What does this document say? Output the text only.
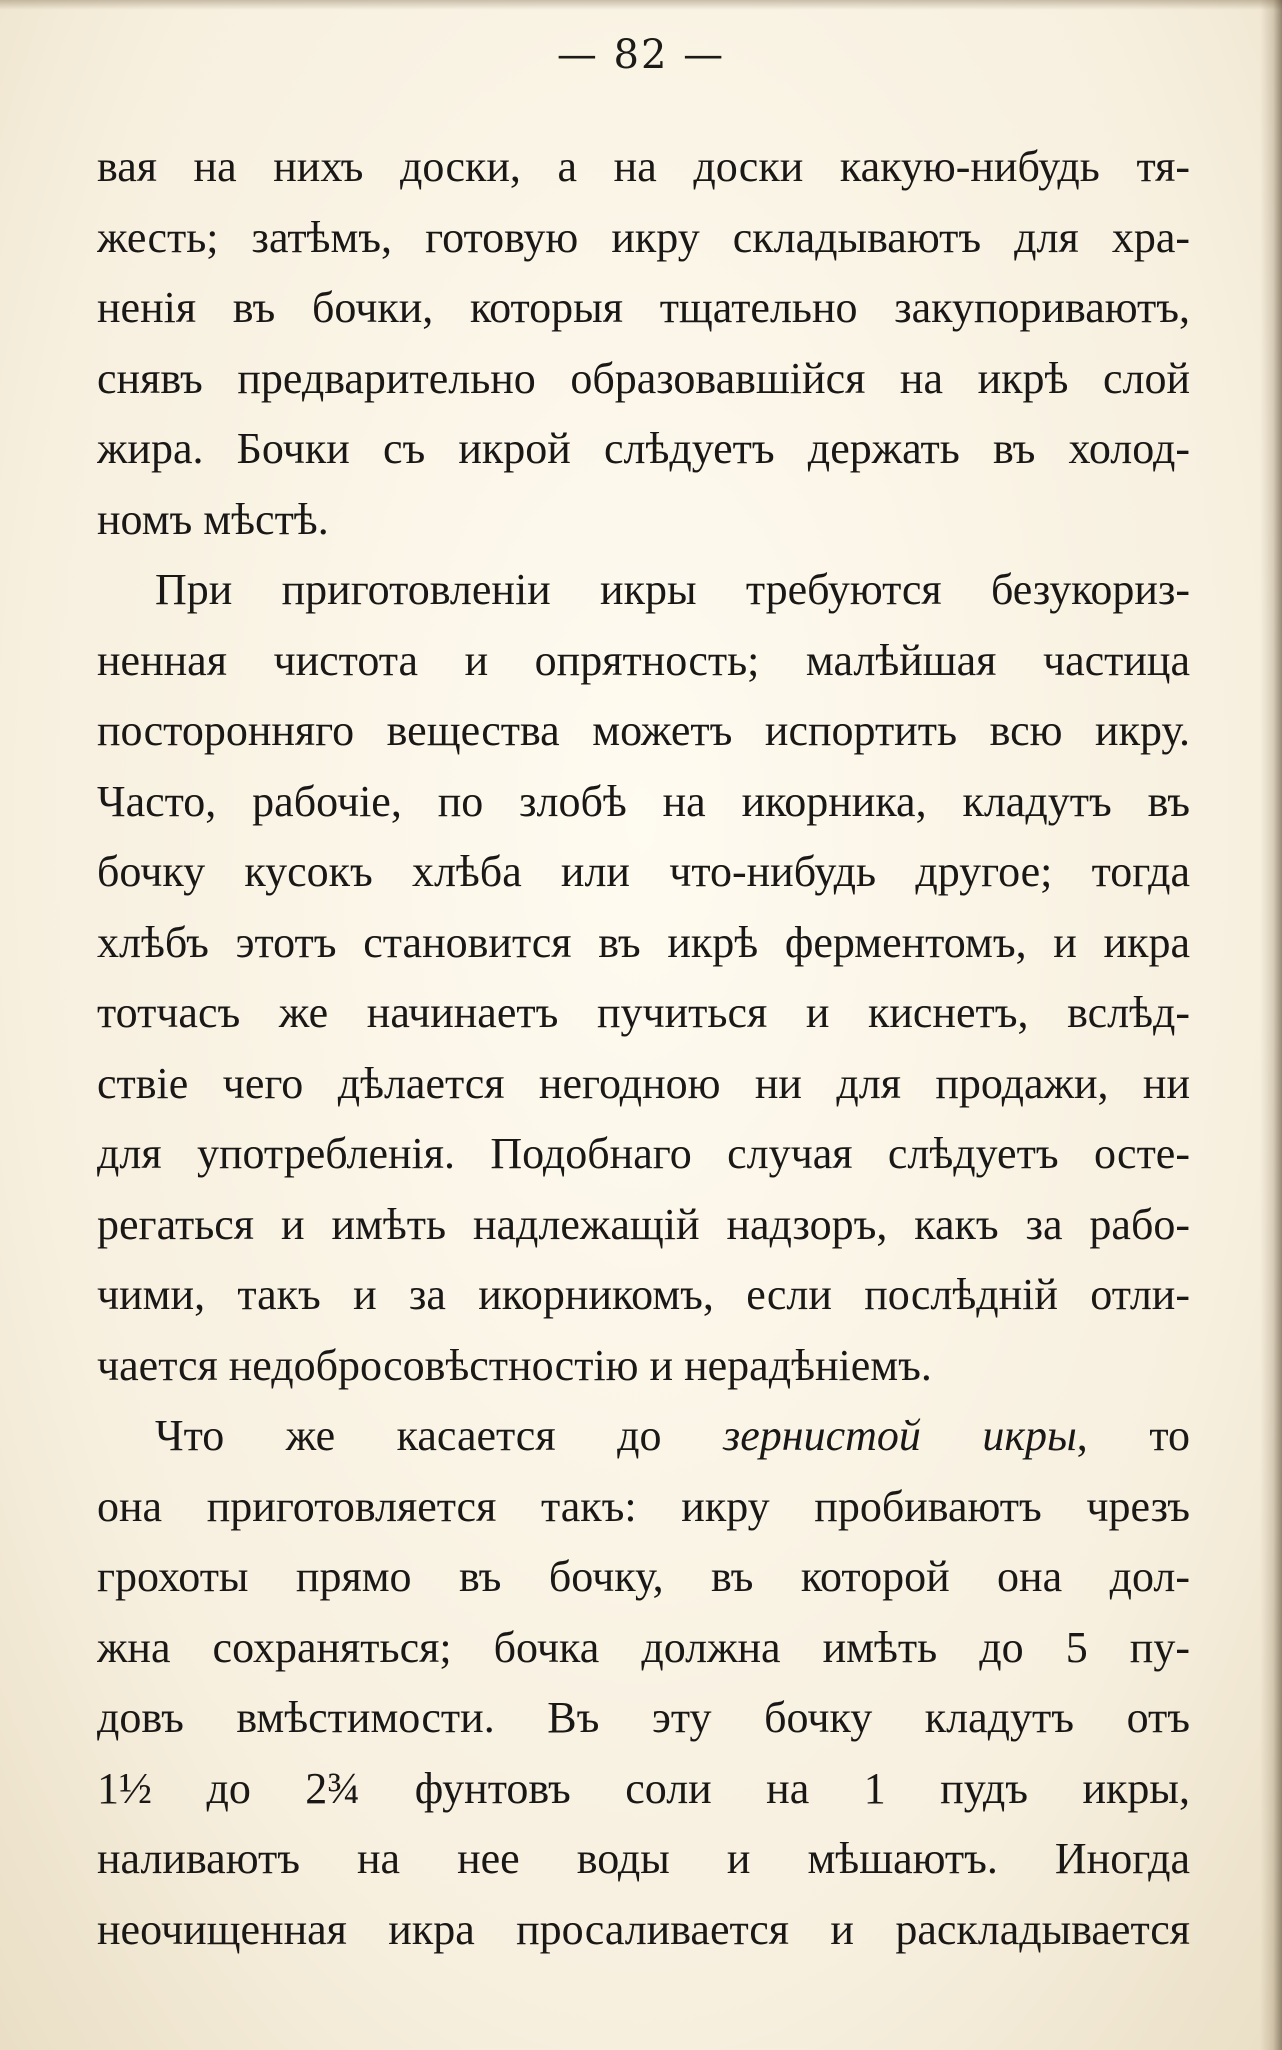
— 82 —
вая на нихъ доски, а на доски какую-нибудь тя-
жесть; затѣмъ, готовую икру складываютъ для хра-
ненія въ бочки, которыя тщательно закупориваютъ,
снявъ предварительно образовавшійся на икрѣ слой
жира. Бочки съ икрой слѣдуетъ держать въ холод-
номъ мѣстѣ.
При приготовленіи икры требуются безукориз-
ненная чистота и опрятность; малѣйшая частица
посторонняго вещества можетъ испортить всю икру.
Часто, рабочіе, по злобѣ на икорника, кладутъ въ
бочку кусокъ хлѣба или что-нибудь другое; тогда
хлѣбъ этотъ становится въ икрѣ ферментомъ, и икра
тотчасъ же начинаетъ пучиться и киснетъ, вслѣд-
ствіе чего дѣлается негодною ни для продажи, ни
для употребленія. Подобнаго случая слѣдуетъ осте-
регаться и имѣть надлежащій надзоръ, какъ за рабо-
чими, такъ и за икорникомъ, если послѣдній отли-
чается недобросовѣстностію и нерадѣніемъ.
Что же касается до зернистой икры, то
она приготовляется такъ: икру пробиваютъ чрезъ
грохоты прямо въ бочку, въ которой она дол-
жна сохраняться; бочка должна имѣть до 5 пу-
довъ вмѣстимости. Въ эту бочку кладутъ отъ
1½ до 2¾ фунтовъ соли на 1 пудъ икры,
наливаютъ на нее воды и мѣшаютъ. Иногда
неочищенная икра просаливается и раскладывается
